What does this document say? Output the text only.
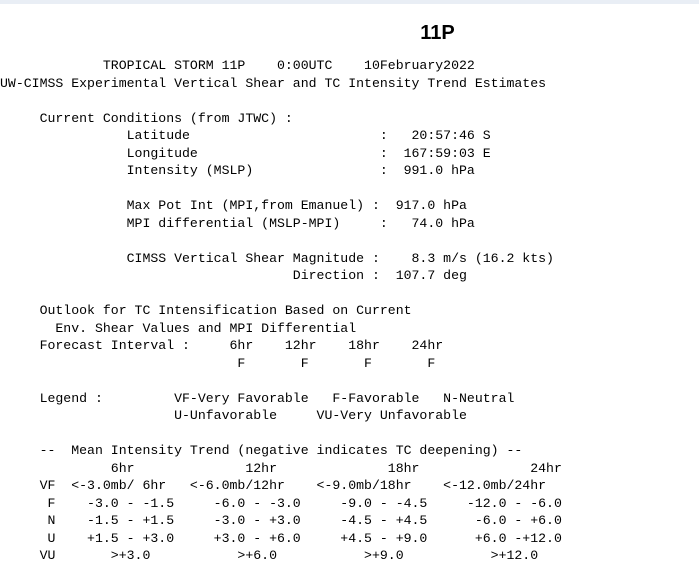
11P
TROPICAL STORM 11P    0:00UTC    10February2022
UW-CIMSS Experimental Vertical Shear and TC Intensity Trend Estimates

Current Conditions (from JTWC) :
Latitude                        :   20:57:46 S
Longitude                       :  167:59:03 E
Intensity (MSLP)                :  991.0 hPa

Max Pot Int (MPI,from Emanuel) :  917.0 hPa
MPI differential (MSLP-MPI)     :   74.0 hPa

CIMSS Vertical Shear Magnitude :    8.3 m/s (16.2 kts)
Direction :  107.7 deg

Outlook for TC Intensification Based on Current
Env. Shear Values and MPI Differential
Forecast Interval :     6hr    12hr    18hr    24hr
F       F       F       F

Legend :         VF-Very Favorable   F-Favorable   N-Neutral
U-Unfavorable     VU-Very Unfavorable

--  Mean Intensity Trend (negative indicates TC deepening) --
6hr              12hr              18hr              24hr
VF  <-3.0mb/ 6hr   <-6.0mb/12hr    <-9.0mb/18hr    <-12.0mb/24hr
F    -3.0 - -1.5     -6.0 - -3.0     -9.0 - -4.5     -12.0 - -6.0
N    -1.5 - +1.5     -3.0 - +3.0     -4.5 - +4.5      -6.0 - +6.0
U    +1.5 - +3.0     +3.0 - +6.0     +4.5 - +9.0      +6.0 -+12.0
VU       >+3.0           >+6.0           >+9.0           >+12.0
